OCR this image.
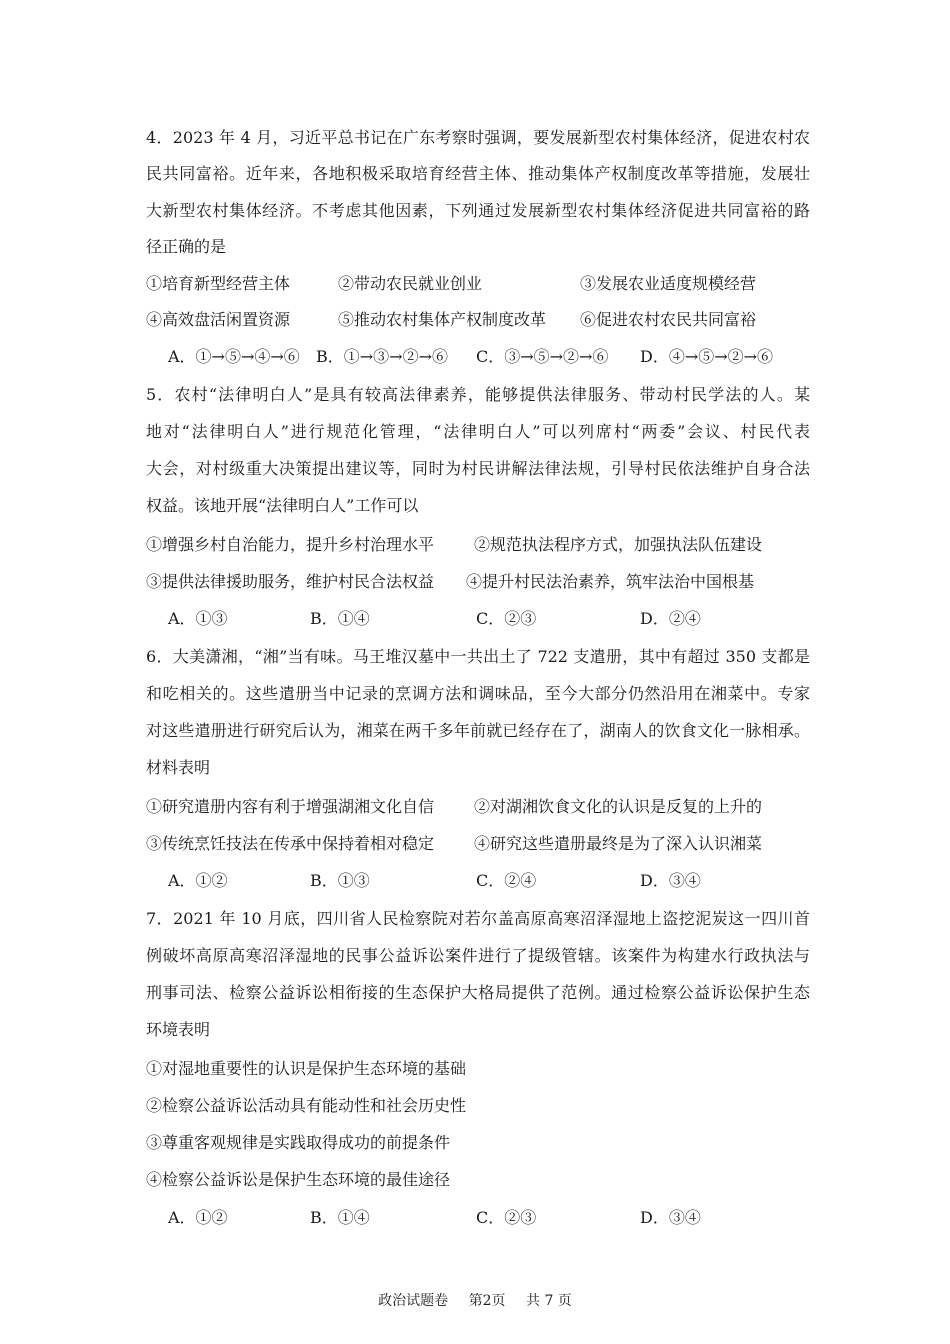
4．2023 年 4 月，习近平总书记在广东考察时强调，要发展新型农村集体经济，促进农村农
民共同富裕。近年来，各地积极采取培育经营主体、推动集体产权制度改革等措施，发展壮
大新型农村集体经济。不考虑其他因素，下列通过发展新型农村集体经济促进共同富裕的路
径正确的是
①培育新型经营主体	②带动农民就业创业	③发展农业适度规模经营
④高效盘活闲置资源	⑤推动农村集体产权制度改革 ⑥促进农村农民共同富裕
A．①→⑤→④→⑥ B．①→③→②→⑥ C．③→⑤→②→⑥ D．④→⑤→②→⑥
5．农村“法律明白人”是具有较高法律素养，能够提供法律服务、带动村民学法的人。某
地对“法律明白人”进行规范化管理，“法律明白人”可以列席村“两委”会议、村民代表
大会，对村级重大决策提出建议等，同时为村民讲解法律法规，引导村民依法维护自身合法
权益。该地开展“法律明白人”工作可以
①增强乡村自治能力，提升乡村治理水平 ②规范执法程序方式，加强执法队伍建设
③提供法律援助服务，维护村民合法权益 ④提升村民法治素养，筑牢法治中国根基
A．①③	B．①④	C．②③	D．②④
6．大美潇湘，“湘”当有味。马王堆汉墓中一共出土了 722 支遣册，其中有超过 350 支都是
和吃相关的。这些遣册当中记录的烹调方法和调味品，至今大部分仍然沿用在湘菜中。专家
对这些遣册进行研究后认为，湘菜在两千多年前就已经存在了，湖南人的饮食文化一脉相承。
材料表明
①研究遣册内容有利于增强湖湘文化自信 ②对湖湘饮食文化的认识是反复的上升的
③传统烹饪技法在传承中保持着相对稳定 ④研究这些遣册最终是为了深入认识湘菜
A．①②	B．①③	C．②④	D．③④
7．2021 年 10 月底，四川省人民检察院对若尔盖高原高寒沼泽湿地上盗挖泥炭这一四川首
例破坏高原高寒沼泽湿地的民事公益诉讼案件进行了提级管辖。该案件为构建水行政执法与
刑事司法、检察公益诉讼相衔接的生态保护大格局提供了范例。通过检察公益诉讼保护生态
环境表明
①对湿地重要性的认识是保护生态环境的基础
②检察公益诉讼活动具有能动性和社会历史性
③尊重客观规律是实践取得成功的前提条件
④检察公益诉讼是保护生态环境的最佳途径
A．①②	B．①④	C．②③	D．③④
政治试题卷 第2页 共 7 页
